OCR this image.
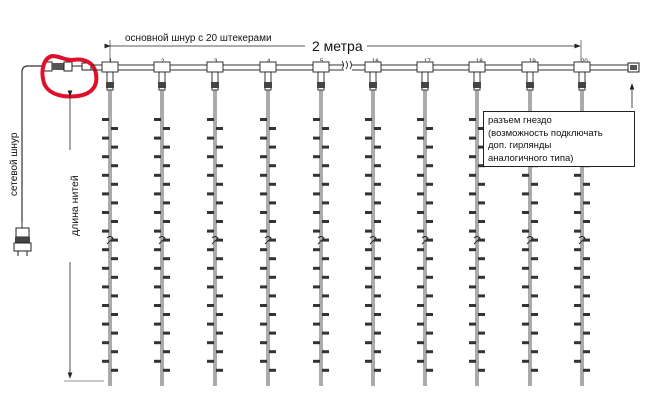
2 метра
основной шнур с 20 штекерами
сетевой шнур
длина нитей
разъем гнездо
(возможность подключать
доп. гирлянды
аналогичного типа)
